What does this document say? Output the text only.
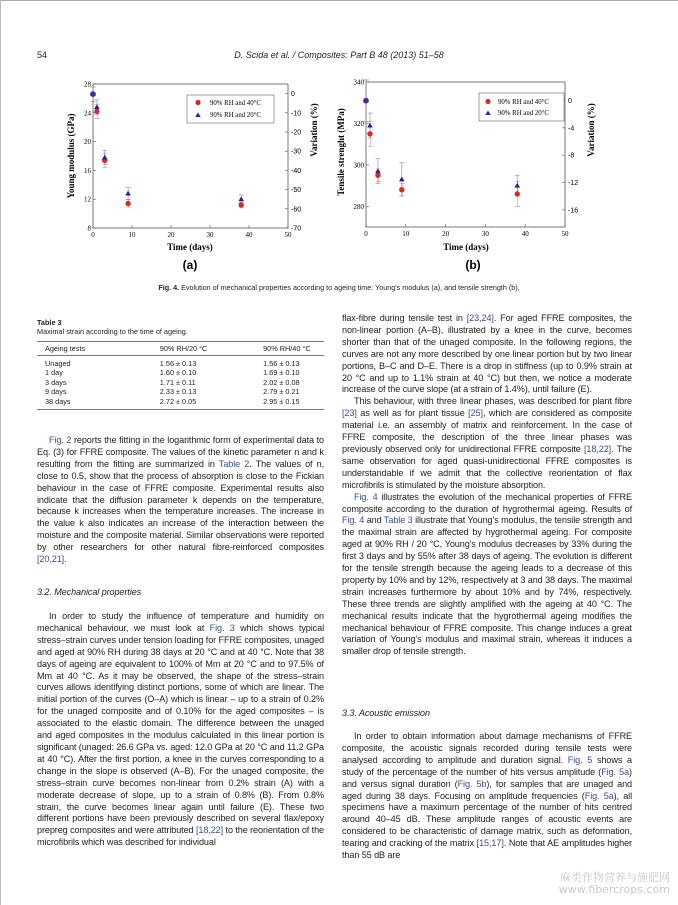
54	D. Scida et al. / Composites: Part B 48 (2013) 51–58
0	10	20	30	40	50
8
12
16
20
24
28
0
-10
-20
-30
-40
-50
-60
-70
Young modulus (GPa)	Variation (%)
Time (days)
(a)
90% RH and 40°C
90% RH and 20°C
0	10	20	30	40	50
280
300
320
340
0
-4
-8
-12
-16
Tensile strenght (MPa)	Variation (%)
Time (days)
(b)
90% RH and 40°C
90% RH and 20°C
Fig. 4. Evolution of mechanical properties according to ageing time: Young's modulus (a), and tensile strength (b).
Table 3
Maximal strain according to the time of ageing.
Ageing tests	90% RH/20 °C	90% RH/40 °C
Unaged	1.56 ± 0.13	1.56 ± 0.13
1 day	1.60 ± 0.10	1.69 ± 0.10
3 days	1.71 ± 0.11	2.02 ± 0.08
9 days	2.33 ± 0.13	2.79 ± 0.21
38 days	2.72 ± 0.05	2.95 ± 0.15

Fig. 2 reports the fitting in the logarithmic form of experimental data to Eq. (3) for FFRE composite. The values of the kinetic parameter n and k resulting from the fitting are summarized in Table 2. The values of n, close to 0.5, show that the process of absorption is close to the Fickian behaviour in the case of FFRE composite. Experimental results also indicate that the diffusion parameter k depends on the temperature, because k increases when the temperature increases. The increase in the value k also indicates an increase of the interaction between the moisture and the composite material. Similar observations were reported by other researchers for other natural fibre-reinforced composites [20,21].

3.2. Mechanical properties

In order to study the influence of temperature and humidity on mechanical behaviour, we must look at Fig. 3 which shows typical stress–strain curves under tension loading for FFRE composites, unaged and aged at 90% RH during 38 days at 20 °C and at 40 °C. Note that 38 days of ageing are equivalent to 100% of Mm at 20 °C and to 97.5% of Mm at 40 °C. As it may be observed, the shape of the stress–strain curves allows identifying distinct portions, some of which are linear. The initial portion of the curves (O–A) which is linear – up to a strain of 0.2% for the unaged composite and of 0.10% for the aged composites – is associated to the elastic domain. The difference between the unaged and aged composites in the modulus calculated in this linear portion is significant (unaged: 26.6 GPa vs. aged: 12.0 GPa at 20 °C and 11.2 GPa at 40 °C). After the first portion, a knee in the curves corresponding to a change in the slope is observed (A–B). For the unaged composite, the stress–strain curve becomes non-linear from 0.2% strain (A) with a moderate decrease of slope, up to a strain of 0.8% (B). From 0.8% strain, the curve becomes linear again until failure (E). These two different portions have been previously described on several flax/epoxy prepreg composites and were attributed [18,22] to the reorientation of the microfibrils which was described for individual

flax-fibre during tensile test in [23,24]. For aged FFRE composites, the non-linear portion (A–B), illustrated by a knee in the curve, becomes shorter than that of the unaged composite. In the following regions, the curves are not any more described by one linear portion but by two linear portions, B–C and D–E. There is a drop in stiffness (up to 0.9% strain at 20 °C and up to 1.1% strain at 40 °C) but then, we notice a moderate increase of the curve slope (at a strain of 1.4%), until failure (E).

This behaviour, with three linear phases, was described for plant fibre [23] as well as for plant tissue [25], which are considered as composite material i.e. an assembly of matrix and reinforcement. In the case of FFRE composite, the description of the three linear phases was previously observed only for unidirectional FFRE composite [18,22]. The same observation for aged quasi-unidirectional FFRE composites is understandable if we admit that the collective reorientation of flax microfibrils is stimulated by the moisture absorption.

Fig. 4 illustrates the evolution of the mechanical properties of FFRE composite according to the duration of hygrothermal ageing. Results of Fig. 4 and Table 3 illustrate that Young's modulus, the tensile strength and the maximal strain are affected by hygrothermal ageing. For composite aged at 90% RH / 20 °C, Young's modulus decreases by 33% during the first 3 days and by 55% after 38 days of ageing. The evolution is different for the tensile strength because the ageing leads to a decrease of this property by 10% and by 12%, respectively at 3 and 38 days. The maximal strain increases furthermore by about 10% and by 74%, respectively. These three trends are slightly amplified with the ageing at 40 °C. The mechanical results indicate that the hygrothermal ageing modifies the mechanical behaviour of FFRE composite. This change induces a great variation of Young's modulus and maximal strain, whereas it induces a smaller drop of tensile strength.

3.3. Acoustic emission

In order to obtain information about damage mechanisms of FFRE composite, the acoustic signals recorded during tensile tests were analysed according to amplitude and duration signal. Fig. 5 shows a study of the percentage of the number of hits versus amplitude (Fig. 5a) and versus signal duration (Fig. 5b), for samples that are unaged and aged during 38 days. Focusing on amplitude frequencies (Fig. 5a), all specimens have a maximum percentage of the number of hits centred around 40–45 dB. These amplitude ranges of acoustic events are considered to be characteristic of damage matrix, such as deformation, tearing and cracking of the matrix [15,17]. Note that AE amplitudes higher than 55 dB are

麻类作物营养与施肥网
www.fibercrops.com
